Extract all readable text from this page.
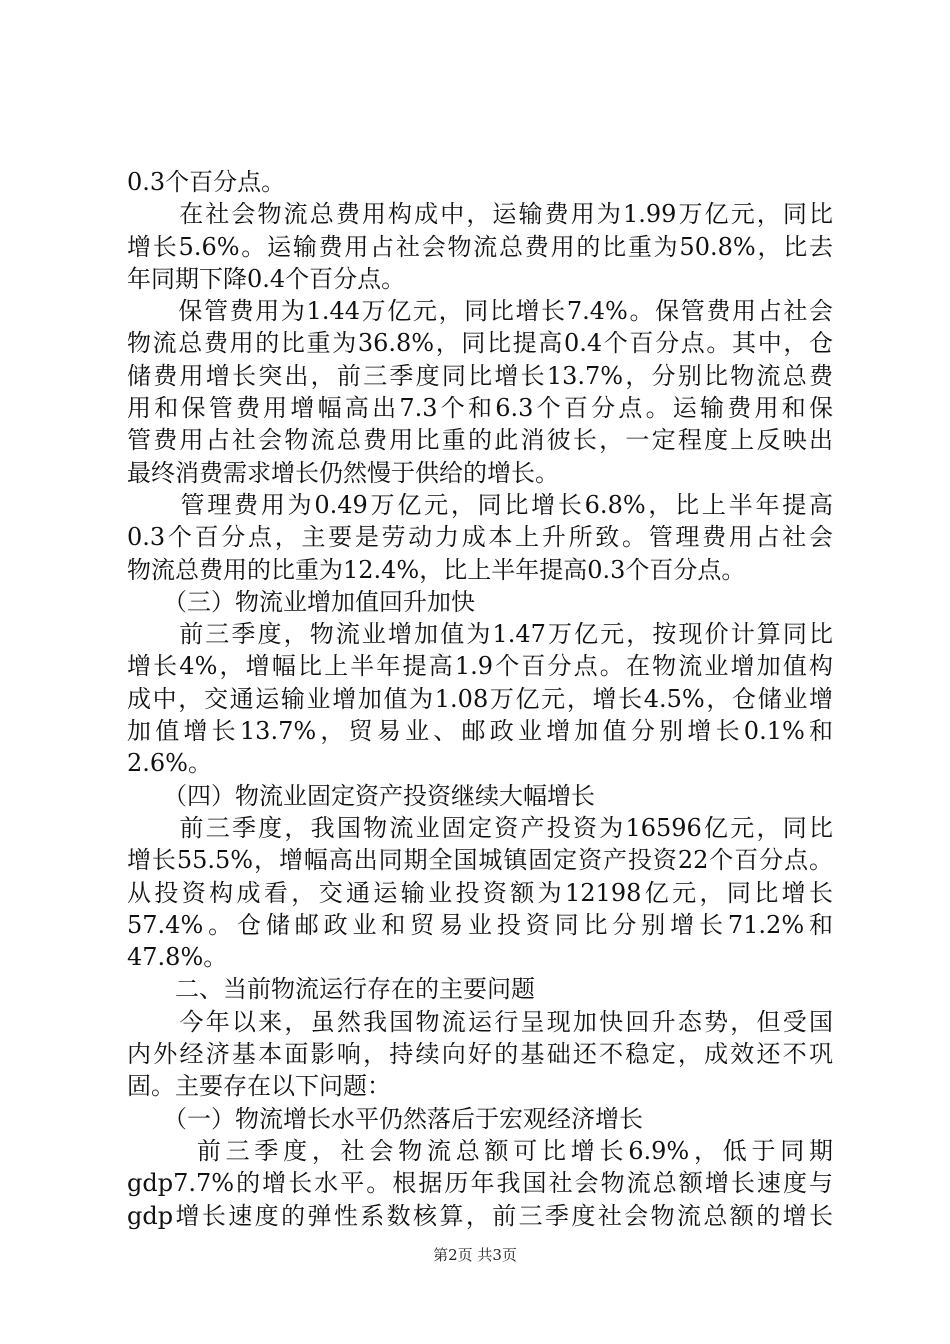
0.3个百分点。
　　在社会物流总费用构成中，运输费用为1.99万亿元，同比
增长5.6%。运输费用占社会物流总费用的比重为50.8%，比去
年同期下降0.4个百分点。
　　保管费用为1.44万亿元，同比增长7.4%。保管费用占社会
物流总费用的比重为36.8%，同比提高0.4个百分点。其中，仓
储费用增长突出，前三季度同比增长13.7%，分别比物流总费
用和保管费用增幅高出7.3个和6.3个百分点。运输费用和保
管费用占社会物流总费用比重的此消彼长，一定程度上反映出
最终消费需求增长仍然慢于供给的增长。
　　管理费用为0.49万亿元，同比增长6.8%，比上半年提高
0.3个百分点，主要是劳动力成本上升所致。管理费用占社会
物流总费用的比重为12.4%，比上半年提高0.3个百分点。
　　（三）物流业增加值回升加快
　　前三季度，物流业增加值为1.47万亿元，按现价计算同比
增长4%，增幅比上半年提高1.9个百分点。在物流业增加值构
成中，交通运输业增加值为1.08万亿元，增长4.5%，仓储业增
加值增长13.7%，贸易业、邮政业增加值分别增长0.1%和
2.6%。
　　（四）物流业固定资产投资继续大幅增长
　　前三季度，我国物流业固定资产投资为16596亿元，同比
增长55.5%，增幅高出同期全国城镇固定资产投资22个百分点。
从投资构成看，交通运输业投资额为12198亿元，同比增长
57.4%。仓储邮政业和贸易业投资同比分别增长71.2%和
47.8%。
　　二、当前物流运行存在的主要问题
　　今年以来，虽然我国物流运行呈现加快回升态势，但受国
内外经济基本面影响，持续向好的基础还不稳定，成效还不巩
固。主要存在以下问题：
　　（一）物流增长水平仍然落后于宏观经济增长
　　 前三季度，社会物流总额可比增长6.9%，低于同期
gdp7.7%的增长水平。根据历年我国社会物流总额增长速度与
gdp增长速度的弹性系数核算，前三季度社会物流总额的增长
第2页 共3页
